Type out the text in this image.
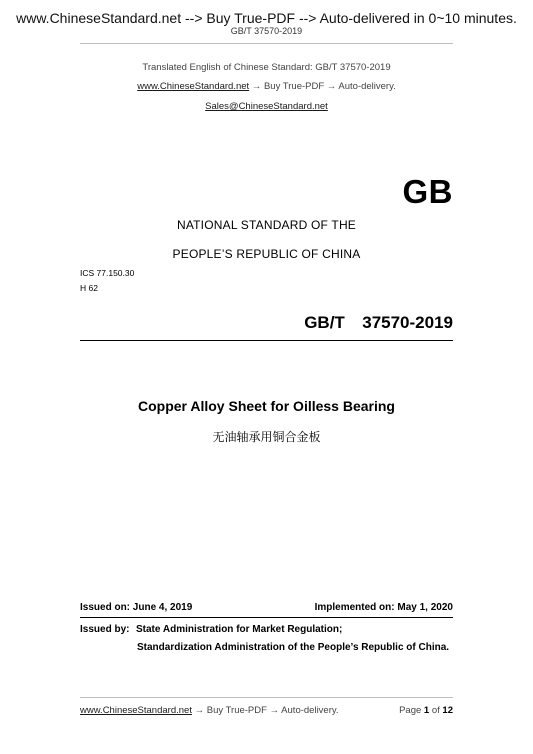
www.ChineseStandard.net --> Buy True-PDF --> Auto-delivered in 0~10 minutes.
GB/T 37570-2019
Translated English of Chinese Standard: GB/T 37570-2019
www.ChineseStandard.net → Buy True-PDF → Auto-delivery.
Sales@ChineseStandard.net
GB
NATIONAL STANDARD OF THE
PEOPLE’S REPUBLIC OF CHINA
ICS 77.150.30
H 62
GB/T  37570-2019
Copper Alloy Sheet for Oilless Bearing
无油轴承用铜合金板
Issued on: June 4, 2019	Implemented on: May 1, 2020
Issued by: State Administration for Market Regulation;
Standardization Administration of the People’s Republic of China.
www.ChineseStandard.net → Buy True-PDF → Auto-delivery.	Page 1 of 12
